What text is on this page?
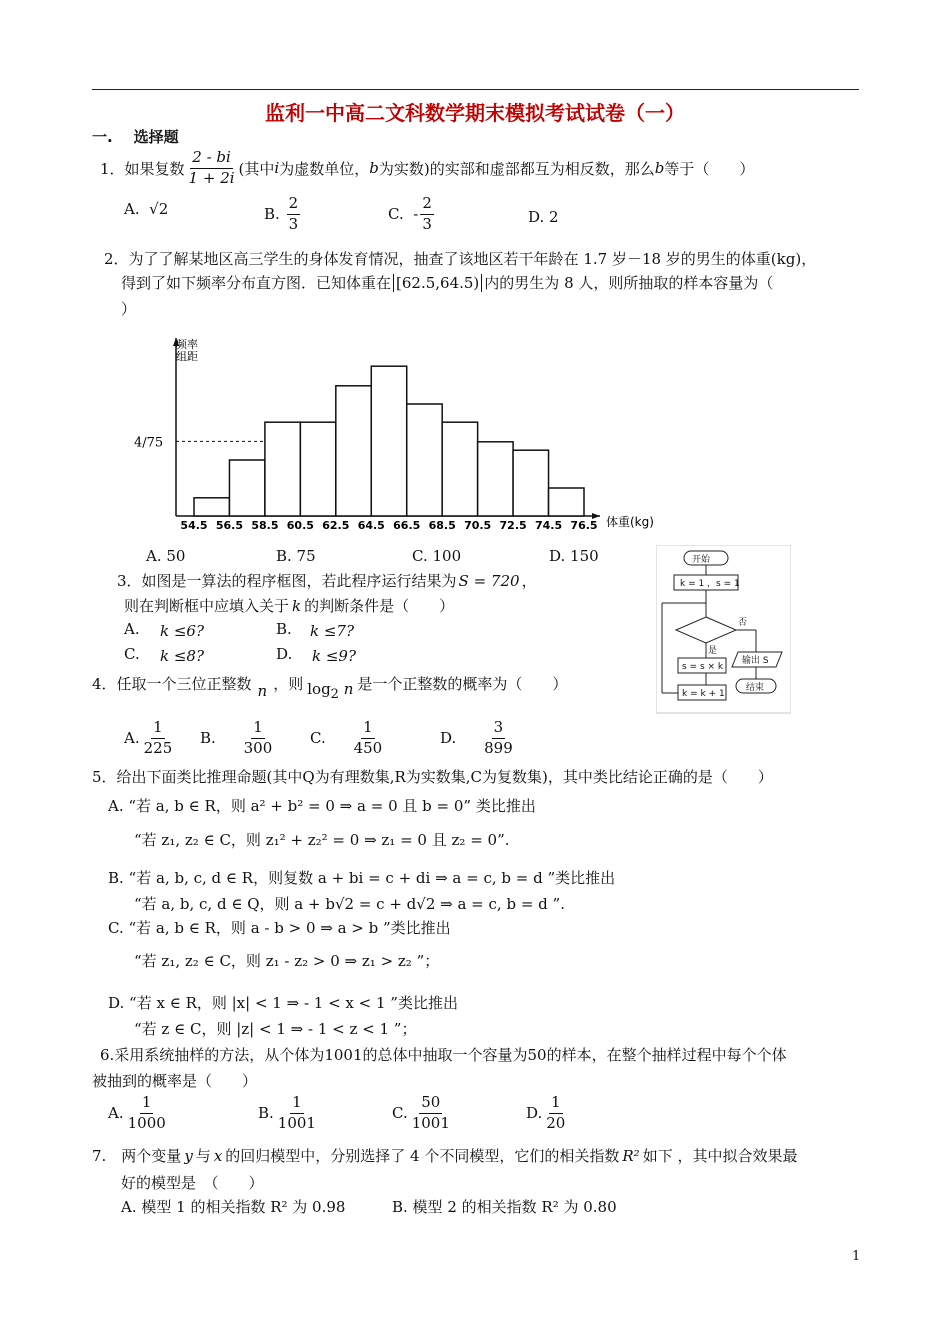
监利一中高二文科数学期末模拟考试试卷（一）
一. 选择题
1．如果复数 $\frac{2 - bi}{1 + 2i}$ (其中 i 为虚数单位， b 为实数)的实部和虚部都互为相反数，那么 b 等于（　　）
A.
√2	B.
$\frac{2}{3}$	C.
- $\frac{2}{3}$	D. 2
2．为了了解某地区高三学生的身体发育情况，抽查了该地区若干年龄在 1.7 岁－18 岁的男生的体重(kg)，
得到了如下频率分布直方图．已知体重在 [62.5,64.5) 内的男生为 8 人，则所抽取的样本容量为（
）
54.5 56.5 58.5 60.5 62.5 64.5 66.5 68.5 70.5 72.5 74.5 76.5
频率组距
4/75
体重(kg)
A. 50	B. 75	C. 100	D. 150
3．如图是一算法的程序框图，若此程序运行结果为 S = 720 ，
则在判断框中应填入关于 k 的判断条件是（　　）
A. k ≤6?	B. k ≤7?
C. k ≤8?	D. k ≤9?
开始
k = 1 ，s = 1
否
是
s = s × k
输出 S
结束
k = k + 1
4．任取一个三位正整数 n ，则 $\log_2 n$ 是一个正整数的概率为（　　）
A. $\frac{1}{225} B$.
$\frac{1}{300} C$.
$\frac{1}{450}$	D.
$\frac{3}{899}$
5．给出下面类比推理命题(其中Q为有理数集,R为实数集,C为复数集)，其中类比结论正确的是（　　）
A. “若 a, b ∈ R，则 a² + b² = 0 ⇒ a = 0 且 b = 0” 类比推出
“若 z₁, z₂ ∈ C，则 z₁² + z₂² = 0 ⇒ z₁ = 0 且 z₂ = 0”.
B. “若 a, b, c, d ∈ R，则复数 a + bi = c + di ⇒ a = c, b = d ”类比推出
“若 a, b, c, d ∈ Q，则 a + b√2 = c + d√2 ⇒ a = c, b = d ”.
C. “若 a, b ∈ R，则 a - b > 0 ⇒ a > b ”类比推出
“若 z₁, z₂ ∈ C，则 z₁ - z₂ > 0 ⇒ z₁ > z₂ ”；
D. “若 x ∈ R，则 |x| < 1 ⇒ - 1 < x < 1 ”类比推出
“若 z ∈ C，则 |z| < 1 ⇒ - 1 < z < 1 ”；
6.采用系统抽样的方法，从个体为1001的总体中抽取一个容量为50的样本，在整个抽样过程中每个个体
被抽到的概率是（　　）
A. $\frac{1}{1000}$	B. $\frac{1}{1001}$	C. $\frac{50}{1001}$	D. $\frac{1}{20}$
7.　两个变量 y 与 x 的回归模型中，分别选择了 4 个不同模型，它们的相关指数 R² 如下 ，其中拟合效果最
好的模型是　（　　）
A. 模型 1 的相关指数 R² 为 0.98	B. 模型 2 的相关指数 R² 为 0.80
1
